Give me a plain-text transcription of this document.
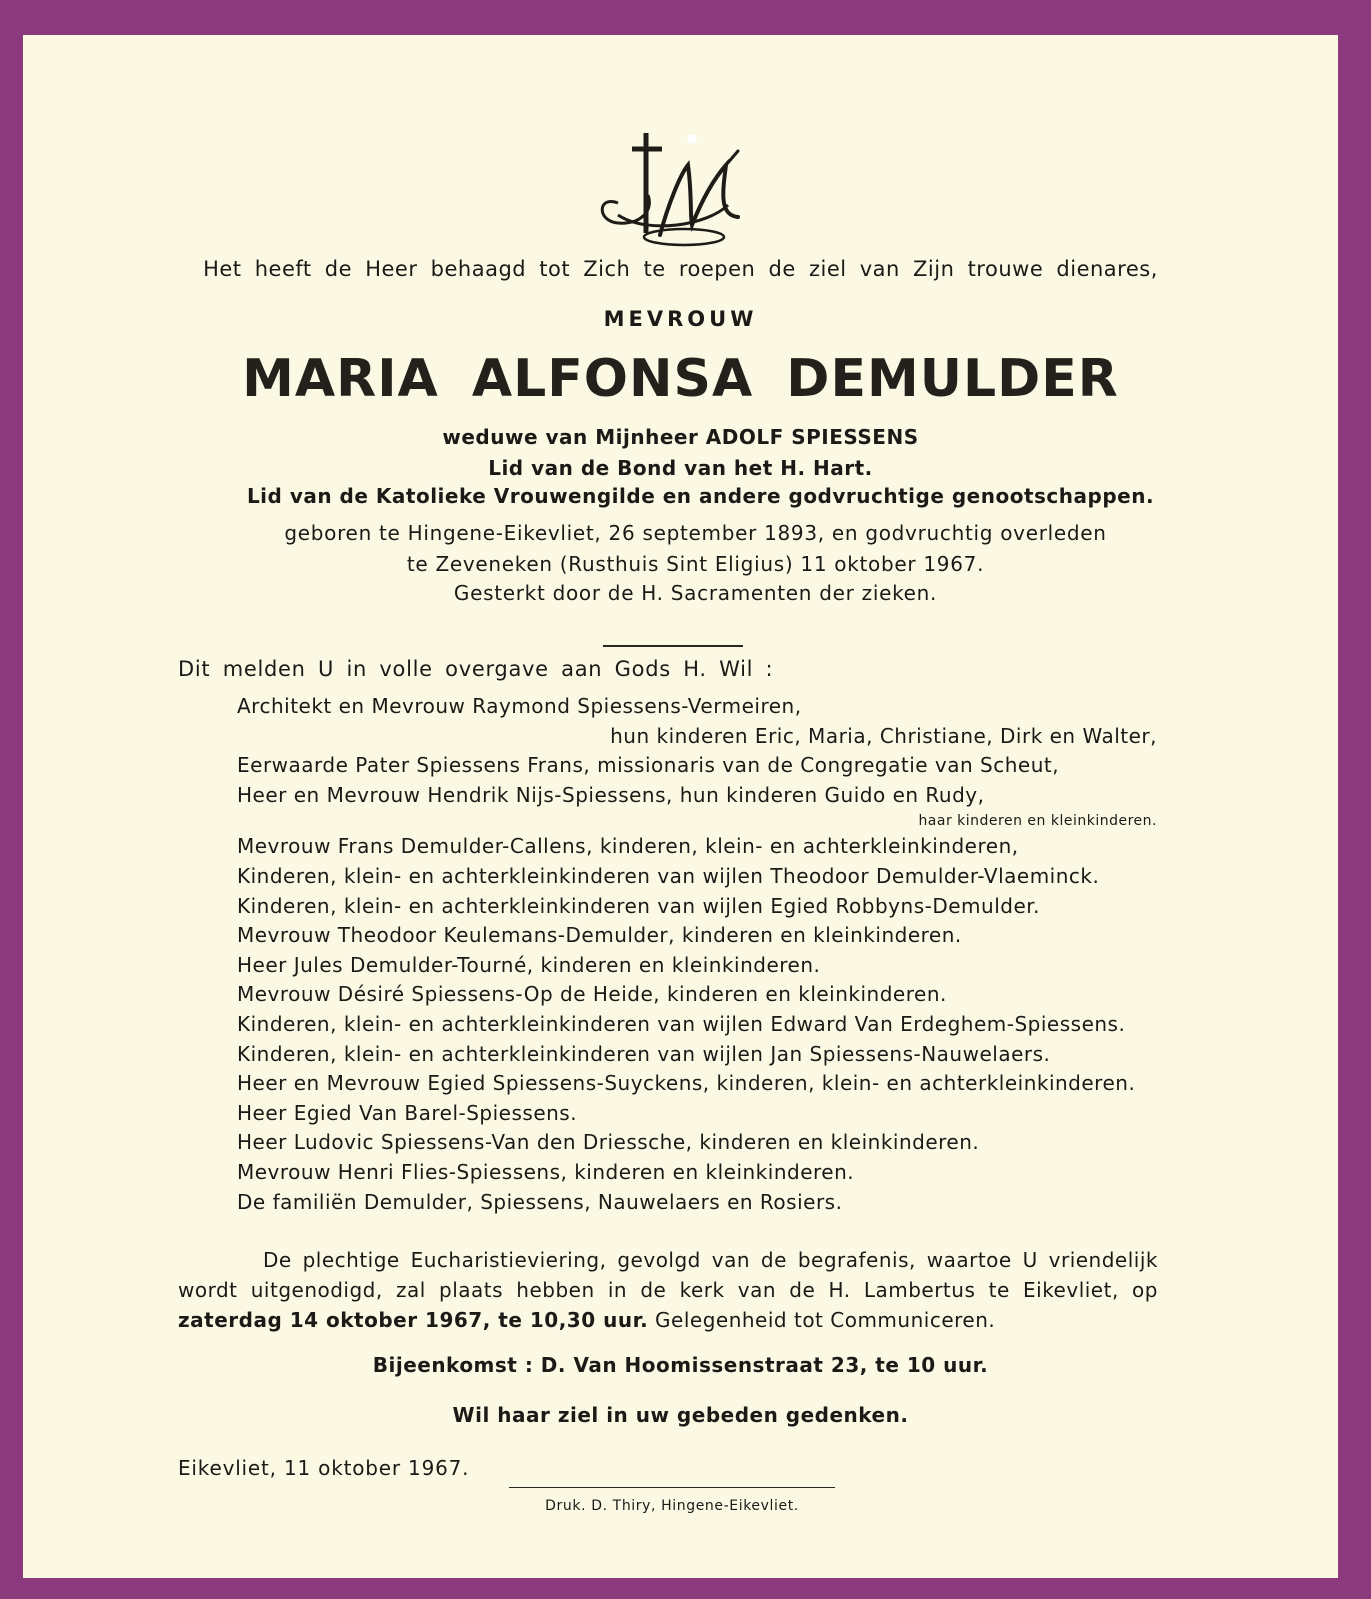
Het heeft de Heer behaagd tot Zich te roepen de ziel van Zijn trouwe dienares,
MEVROUW
MARIA ALFONSA DEMULDER
weduwe van Mijnheer ADOLF SPIESSENS
Lid van de Bond van het H. Hart.
Lid van de Katolieke Vrouwengilde en andere godvruchtige genootschappen.
geboren te Hingene-Eikevliet, 26 september 1893, en godvruchtig overleden
te Zeveneken (Rusthuis Sint Eligius) 11 oktober 1967.
Gesterkt door de H. Sacramenten der zieken.
Dit melden U in volle overgave aan Gods H. Wil :
Architekt en Mevrouw Raymond Spiessens-Vermeiren,
hun kinderen Eric, Maria, Christiane, Dirk en Walter,
Eerwaarde Pater Spiessens Frans, missionaris van de Congregatie van Scheut,
Heer en Mevrouw Hendrik Nijs-Spiessens, hun kinderen Guido en Rudy,
haar kinderen en kleinkinderen.
Mevrouw Frans Demulder-Callens, kinderen, klein- en achterkleinkinderen,
Kinderen, klein- en achterkleinkinderen van wijlen Theodoor Demulder-Vlaeminck.
Kinderen, klein- en achterkleinkinderen van wijlen Egied Robbyns-Demulder.
Mevrouw Theodoor Keulemans-Demulder, kinderen en kleinkinderen.
Heer Jules Demulder-Tourné, kinderen en kleinkinderen.
Mevrouw Désiré Spiessens-Op de Heide, kinderen en kleinkinderen.
Kinderen, klein- en achterkleinkinderen van wijlen Edward Van Erdeghem-Spiessens.
Kinderen, klein- en achterkleinkinderen van wijlen Jan Spiessens-Nauwelaers.
Heer en Mevrouw Egied Spiessens-Suyckens, kinderen, klein- en achterkleinkinderen.
Heer Egied Van Barel-Spiessens.
Heer Ludovic Spiessens-Van den Driessche, kinderen en kleinkinderen.
Mevrouw Henri Flies-Spiessens, kinderen en kleinkinderen.
De familiën Demulder, Spiessens, Nauwelaers en Rosiers.
De plechtige Eucharistieviering, gevolgd van de begrafenis, waartoe U vriendelijk
wordt uitgenodigd, zal plaats hebben in de kerk van de H. Lambertus te Eikevliet, op
zaterdag 14 oktober 1967, te 10,30 uur. Gelegenheid tot Communiceren.
Bijeenkomst : D. Van Hoomissenstraat 23, te 10 uur.
Wil haar ziel in uw gebeden gedenken.
Eikevliet, 11 oktober 1967.
Druk. D. Thiry, Hingene-Eikevliet.
